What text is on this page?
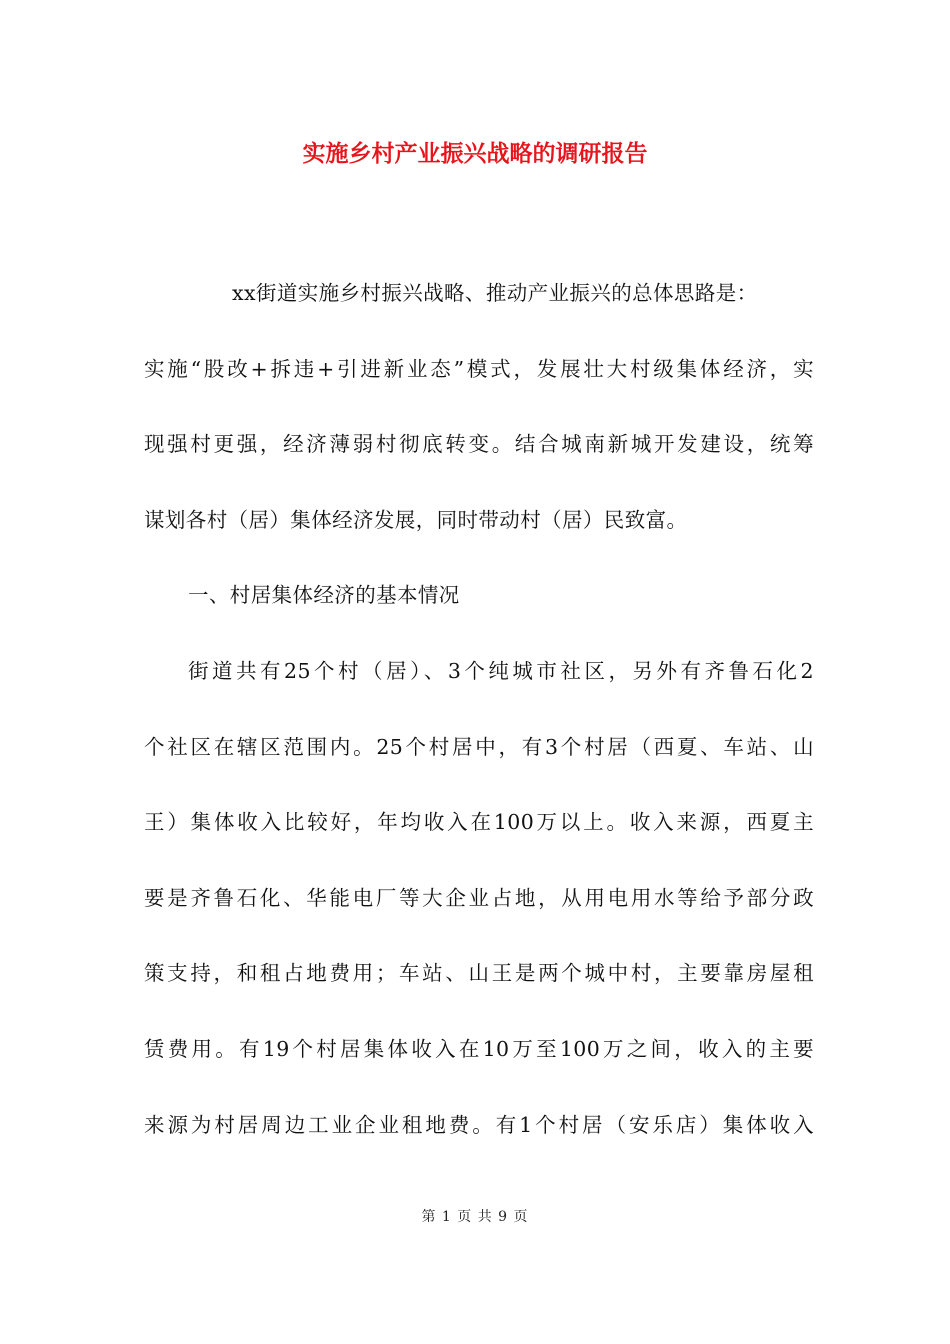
实施乡村产业振兴战略的调研报告
xx街道实施乡村振兴战略、推动产业振兴的总体思路是：
实施“股改+拆违+引进新业态”模式，发展壮大村级集体经济，实
现强村更强，经济薄弱村彻底转变。结合城南新城开发建设，统筹
谋划各村（居）集体经济发展，同时带动村（居）民致富。
一、村居集体经济的基本情况
街道共有25个村（居）、3个纯城市社区，另外有齐鲁石化2
个社区在辖区范围内。25个村居中，有3个村居（西夏、车站、山
王）集体收入比较好，年均收入在100万以上。收入来源，西夏主
要是齐鲁石化、华能电厂等大企业占地，从用电用水等给予部分政
策支持，和租占地费用；车站、山王是两个城中村，主要靠房屋租
赁费用。有19个村居集体收入在10万至100万之间，收入的主要
来源为村居周边工业企业租地费。有1个村居（安乐店）集体收入
第 1 页 共 9 页
